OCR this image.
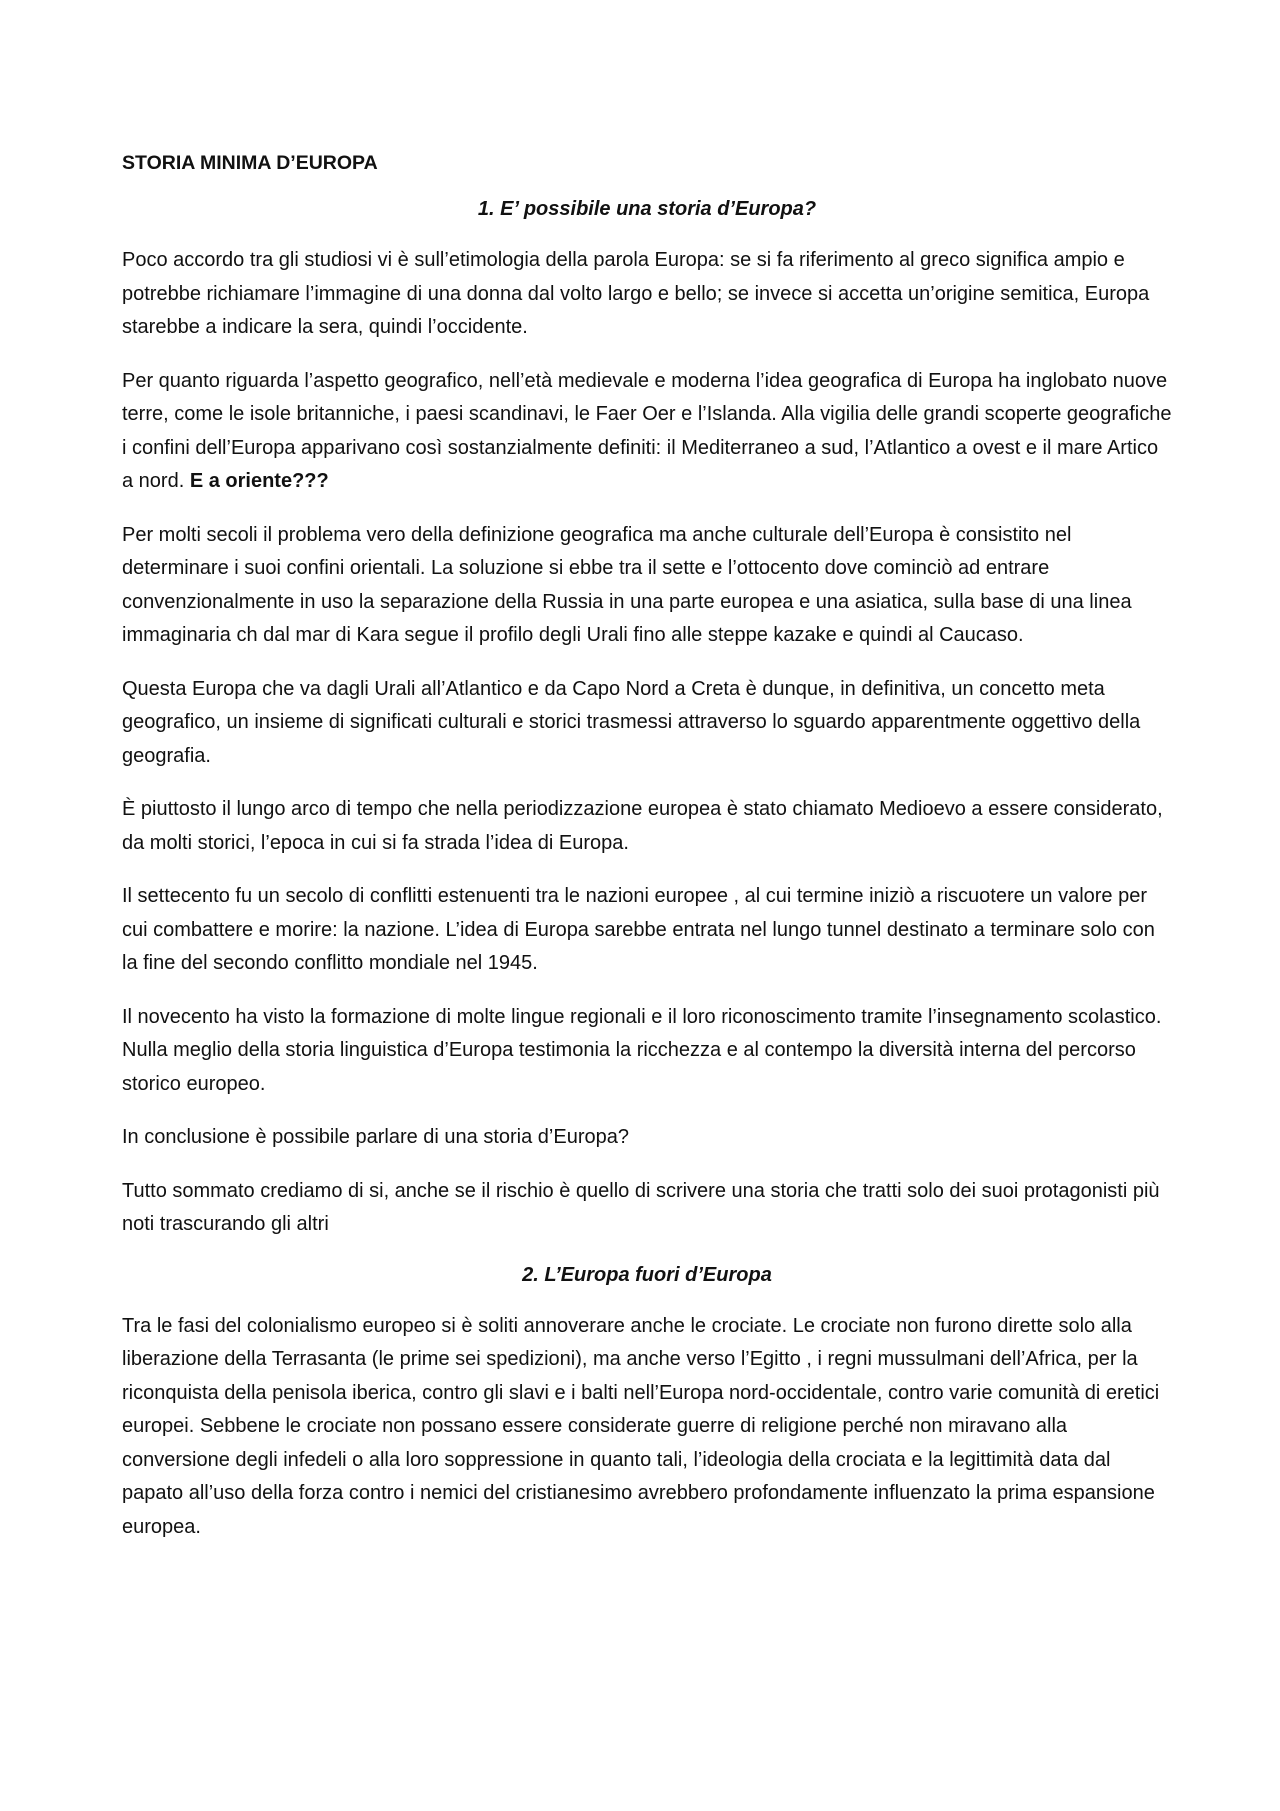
STORIA MINIMA D’EUROPA
1. E’ possibile una storia d’Europa?

Poco accordo tra gli studiosi vi è sull’etimologia della parola Europa: se si fa riferimento al greco significa ampio e potrebbe richiamare l’immagine di una donna dal volto largo e bello; se invece si accetta un’origine semitica, Europa starebbe a indicare la sera, quindi l’occidente.

Per quanto riguarda l’aspetto geografico, nell’età medievale e moderna l’idea geografica di Europa ha inglobato nuove terre, come le isole britanniche, i paesi scandinavi, le Faer Oer e l’Islanda. Alla vigilia delle grandi scoperte geografiche i confini dell’Europa apparivano così sostanzialmente definiti: il Mediterraneo a sud, l’Atlantico a ovest e il mare Artico a nord. E a oriente???

Per molti secoli il problema vero della definizione geografica ma anche culturale dell’Europa è consistito nel determinare i suoi confini orientali. La soluzione si ebbe tra il sette e l’ottocento dove cominciò ad entrare convenzionalmente in uso la separazione della Russia in una parte europea e una asiatica, sulla base di una linea immaginaria ch dal mar di Kara segue il profilo degli Urali fino alle steppe kazake e quindi al Caucaso.

Questa Europa che va dagli Urali all’Atlantico e da Capo Nord a Creta è dunque, in definitiva, un concetto meta geografico, un insieme di significati culturali e storici trasmessi attraverso lo sguardo apparentmente oggettivo della geografia.

È piuttosto il lungo arco di tempo che nella periodizzazione europea è stato chiamato Medioevo a essere considerato, da molti storici, l’epoca in cui si fa strada l’idea di Europa.

Il settecento fu un secolo di conflitti estenuenti tra le nazioni europee , al cui termine iniziò a riscuotere un valore per cui combattere e morire: la nazione. L’idea di Europa sarebbe entrata nel lungo tunnel destinato a terminare solo con la fine del secondo conflitto mondiale nel 1945.

Il novecento ha visto la formazione di molte lingue regionali e il loro riconoscimento tramite l’insegnamento scolastico. Nulla meglio della storia linguistica d’Europa testimonia la ricchezza e al contempo la diversità interna del percorso storico europeo.

In conclusione è possibile parlare di una storia d’Europa?

Tutto sommato crediamo di si, anche se il rischio è quello di scrivere una storia che tratti solo dei suoi protagonisti più noti trascurando gli altri

2. L’Europa fuori d’Europa

Tra le fasi del colonialismo europeo si è soliti annoverare anche le crociate. Le crociate non furono dirette solo alla liberazione della Terrasanta (le prime sei spedizioni), ma anche verso l’Egitto , i regni mussulmani dell’Africa, per la riconquista della penisola iberica, contro gli slavi e i balti nell’Europa nord-occidentale, contro varie comunità di eretici europei. Sebbene le crociate non possano essere considerate guerre di religione perché non miravano alla conversione degli infedeli o alla loro soppressione in quanto tali, l’ideologia della crociata e la legittimità data dal papato all’uso della forza contro i nemici del cristianesimo avrebbero profondamente influenzato la prima espansione europea.
